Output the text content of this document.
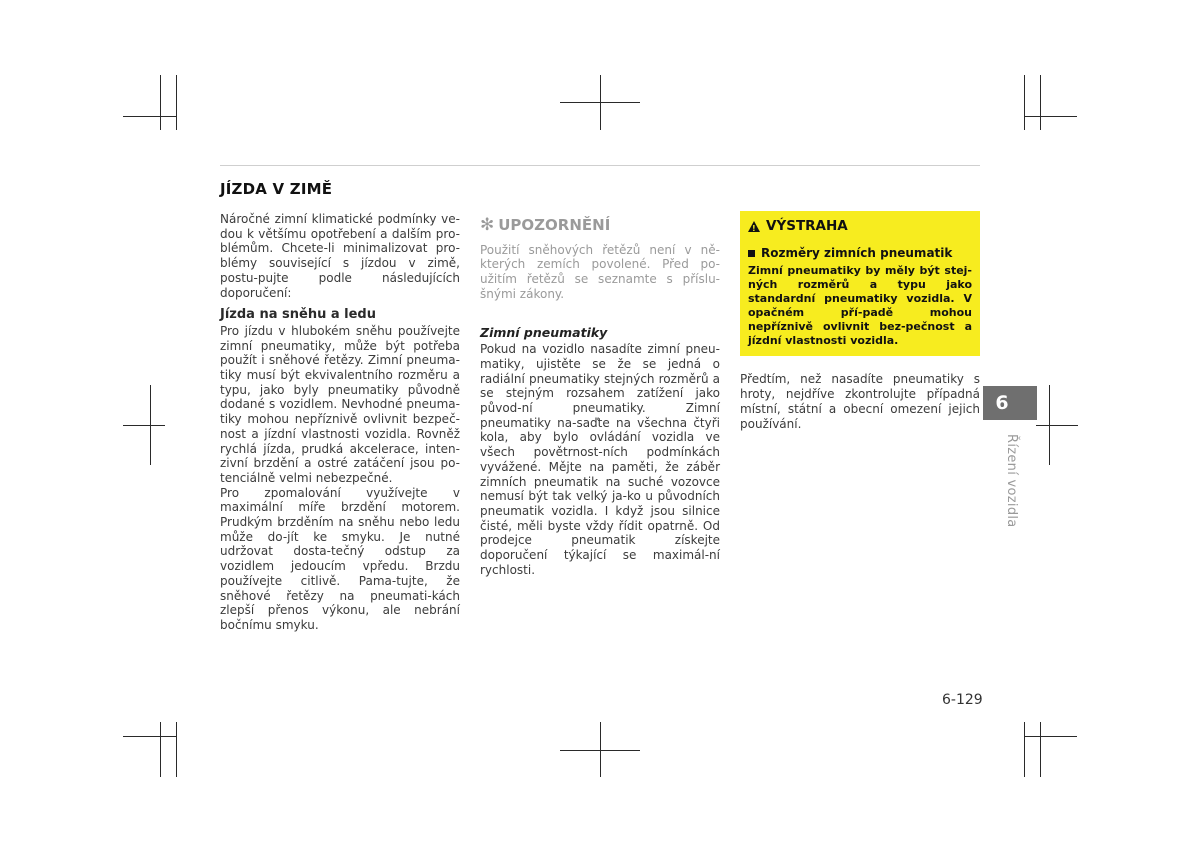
JÍZDA V ZIMĚ

Náročné zimní klimatické podmínky ve-dou k většímu opotřebení a dalším pro-blémům. Chcete-li minimalizovat pro-blémy související s jízdou v zimě, postu-pujte podle následujících doporučení:

Jízda na sněhu a ledu

Pro jízdu v hlubokém sněhu používejte zimní pneumatiky, může být potřeba použít i sněhové řetězy. Zimní pneuma-tiky musí být ekvivalentního rozměru a typu, jako byly pneumatiky původně dodané s vozidlem. Nevhodné pneuma-tiky mohou nepříznivě ovlivnit bezpeč-nost a jízdní vlastnosti vozidla. Rovněž rychlá jízda, prudká akcelerace, inten-zivní brzdění a ostré zatáčení jsou po-tenciálně velmi nebezpečné.

Pro zpomalování využívejte v maximální míře brzdění motorem. Prudkým brzděním na sněhu nebo ledu může do-jít ke smyku. Je nutné udržovat dosta-tečný odstup za vozidlem jedoucím vpředu. Brzdu používejte citlivě. Pama-tujte, že sněhové řetězy na pneumati-kách zlepší přenos výkonu, ale nebrání bočnímu smyku.

✻ UPOZORNĚNÍ

Použití sněhových řetězů není v ně-kterých zemích povolené. Před po-užitím řetězů se seznamte s příslu-šnými zákony.

Zimní pneumatiky

Pokud na vozidlo nasadíte zimní pneu-matiky, ujistěte se že se jedná o radiální pneumatiky stejných rozměrů a se stejným rozsahem zatížení jako původ-ní pneumatiky. Zimní pneumatiky na-saďte na všechna čtyři kola, aby bylo ovládání vozidla ve všech povětrnost-ních podmínkách vyvážené. Mějte na paměti, že záběr zimních pneumatik na suché vozovce nemusí být tak velký ja-ko u původních pneumatik vozidla. I když jsou silnice čisté, měli byste vždy řídit opatrně. Od prodejce pneumatik získejte doporučení týkající se maximál-ní rychlosti.

!
VÝSTRAHA
Rozměry zimních pneumatik

Zimní pneumatiky by měly být stej-ných rozměrů a typu jako standardní pneumatiky vozidla. V opačném pří-padě mohou nepříznivě ovlivnit bez-pečnost a jízdní vlastnosti vozidla.

Předtím, než nasadíte pneumatiky s hroty, nejdříve zkontrolujte případná místní, státní a obecní omezení jejich používání.

6
Řízení vozidla
6-129
